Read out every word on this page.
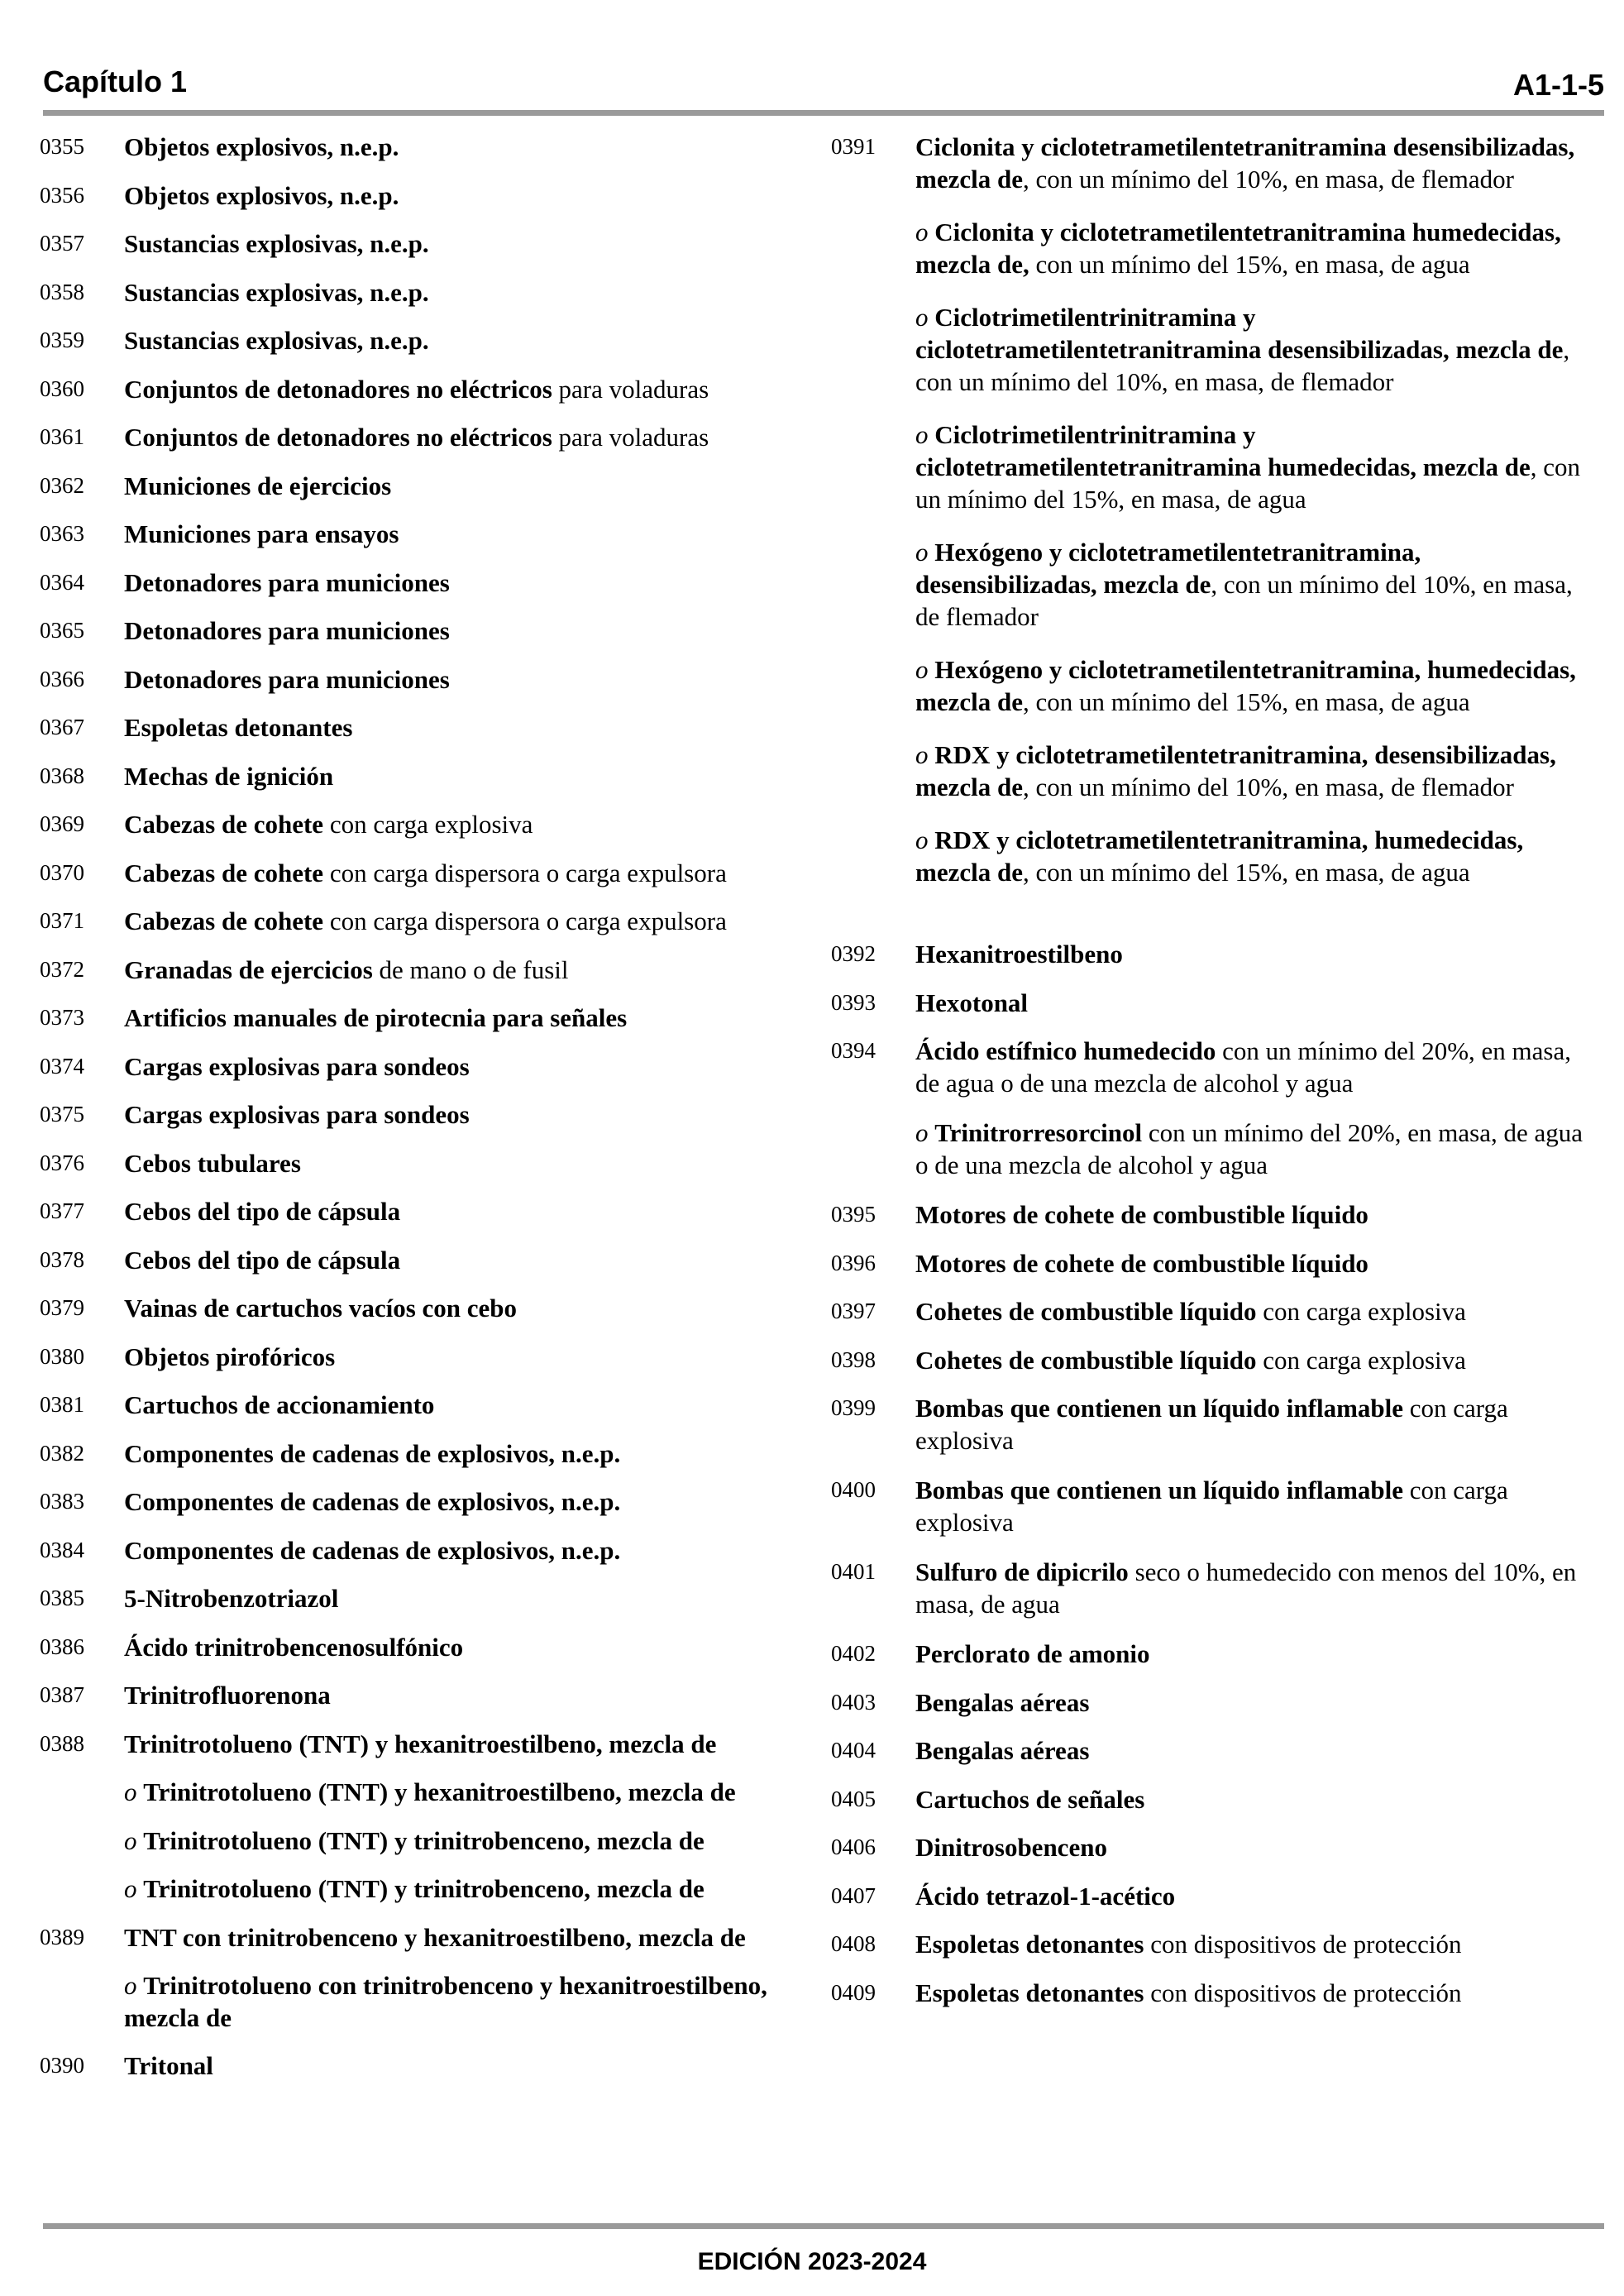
Capítulo 1	A1-1-5
0355	Objetos explosivos, n.e.p.
0356	Objetos explosivos, n.e.p.
0357	Sustancias explosivas, n.e.p.
0358	Sustancias explosivas, n.e.p.
0359	Sustancias explosivas, n.e.p.
0360	Conjuntos de detonadores no eléctricos para voladuras
0361	Conjuntos de detonadores no eléctricos para voladuras
0362	Municiones de ejercicios
0363	Municiones para ensayos
0364	Detonadores para municiones
0365	Detonadores para municiones
0366	Detonadores para municiones
0367	Espoletas detonantes
0368	Mechas de ignición
0369	Cabezas de cohete con carga explosiva
0370	Cabezas de cohete con carga dispersora o carga expulsora
0371	Cabezas de cohete con carga dispersora o carga expulsora
0372	Granadas de ejercicios de mano o de fusil
0373	Artificios manuales de pirotecnia para señales
0374	Cargas explosivas para sondeos
0375	Cargas explosivas para sondeos
0376	Cebos tubulares
0377	Cebos del tipo de cápsula
0378	Cebos del tipo de cápsula
0379	Vainas de cartuchos vacíos con cebo
0380	Objetos pirofóricos
0381	Cartuchos de accionamiento
0382	Componentes de cadenas de explosivos, n.e.p.
0383	Componentes de cadenas de explosivos, n.e.p.
0384	Componentes de cadenas de explosivos, n.e.p.
0385	5-Nitrobenzotriazol
0386	Ácido trinitrobencenosulfónico
0387	Trinitrofluorenona
0388	Trinitrotolueno (TNT) y hexanitroestilbeno, mezcla de
o Trinitrotolueno (TNT) y hexanitroestilbeno, mezcla de
o Trinitrotolueno (TNT) y trinitrobenceno, mezcla de
o Trinitrotolueno (TNT) y trinitrobenceno, mezcla de
0389	TNT con trinitrobenceno y hexanitroestilbeno, mezcla de
o Trinitrotolueno con trinitrobenceno y hexanitroestilbeno, mezcla de
0390	Tritonal
0391	Ciclonita y ciclotetrametilentetranitramina desensibilizadas, mezcla de, con un mínimo del 10%, en masa, de flemador
o Ciclonita y ciclotetrametilentetranitramina humedecidas, mezcla de, con un mínimo del 15%, en masa, de agua
o Ciclotrimetilentrinitramina y ciclotetrametilentetranitramina desensibilizadas, mezcla de, con un mínimo del 10%, en masa, de flemador
o Ciclotrimetilentrinitramina y ciclotetrametilentetranitramina humedecidas, mezcla de, con un mínimo del 15%, en masa, de agua
o Hexógeno y ciclotetrametilentetranitramina, desensibilizadas, mezcla de, con un mínimo del 10%, en masa, de flemador
o Hexógeno y ciclotetrametilentetranitramina, humedecidas, mezcla de, con un mínimo del 15%, en masa, de agua
o RDX y ciclotetrametilentetranitramina, desensibilizadas, mezcla de, con un mínimo del 10%, en masa, de flemador
o RDX y ciclotetrametilentetranitramina, humedecidas, mezcla de, con un mínimo del 15%, en masa, de agua
0392	Hexanitroestilbeno
0393	Hexotonal
0394	Ácido estífnico humedecido con un mínimo del 20%, en masa, de agua o de una mezcla de alcohol y agua
o Trinitrorresorcinol con un mínimo del 20%, en masa, de agua o de una mezcla de alcohol y agua
0395	Motores de cohete de combustible líquido
0396	Motores de cohete de combustible líquido
0397	Cohetes de combustible líquido con carga explosiva
0398	Cohetes de combustible líquido con carga explosiva
0399	Bombas que contienen un líquido inflamable con carga explosiva
0400	Bombas que contienen un líquido inflamable con carga explosiva
0401	Sulfuro de dipicrilo seco o humedecido con menos del 10%, en masa, de agua
0402	Perclorato de amonio
0403	Bengalas aéreas
0404	Bengalas aéreas
0405	Cartuchos de señales
0406	Dinitrosobenceno
0407	Ácido tetrazol-1-acético
0408	Espoletas detonantes con dispositivos de protección
0409	Espoletas detonantes con dispositivos de protección
EDICIÓN 2023-2024
